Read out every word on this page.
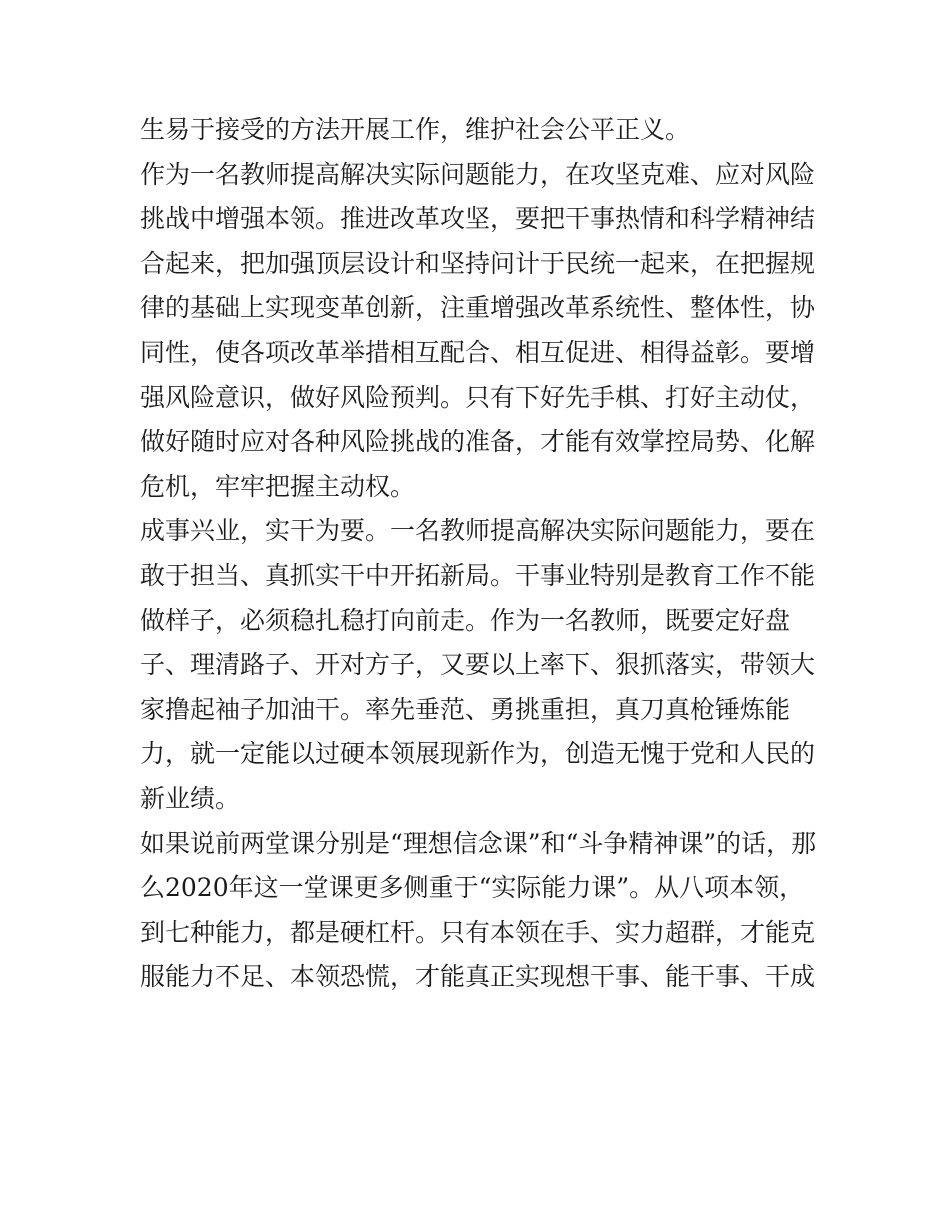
生易于接受的方法开展工作，维护社会公平正义。
作为一名教师提高解决实际问题能力，在攻坚克难、应对风险
挑战中增强本领。推进改革攻坚，要把干事热情和科学精神结
合起来，把加强顶层设计和坚持问计于民统一起来，在把握规
律的基础上实现变革创新，注重增强改革系统性、整体性，协
同性，使各项改革举措相互配合、相互促进、相得益彰。要增
强风险意识，做好风险预判。只有下好先手棋、打好主动仗，
做好随时应对各种风险挑战的准备，才能有效掌控局势、化解
危机，牢牢把握主动权。
成事兴业，实干为要。一名教师提高解决实际问题能力，要在
敢于担当、真抓实干中开拓新局。干事业特别是教育工作不能
做样子，必须稳扎稳打向前走。作为一名教师，既要定好盘
子、理清路子、开对方子，又要以上率下、狠抓落实，带领大
家撸起袖子加油干。率先垂范、勇挑重担，真刀真枪锤炼能
力，就一定能以过硬本领展现新作为，创造无愧于党和人民的
新业绩。
如果说前两堂课分别是“理想信念课”和“斗争精神课”的话，那
么2020年这一堂课更多侧重于“实际能力课”。从八项本领，
到七种能力，都是硬杠杆。只有本领在手、实力超群，才能克
服能力不足、本领恐慌，才能真正实现想干事、能干事、干成
